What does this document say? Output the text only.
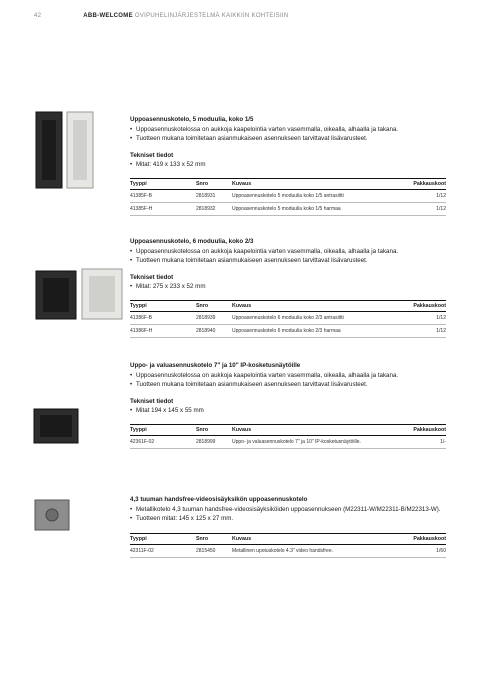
42	ABB-WELCOME OVIPUHELINJÄRJESTELMÄ KAIKKIIN KOHTEISIIN

Uppoasennuskotelo, 5 moduulia, koko 1/5

• Uppoasennuskotelossa on aukkoja kaapelointia varten vasemmalla, oikealla, alhaalla ja takana.
• Tuotteen mukana toimitetaan asianmukaiseen asennukseen tarvittavat lisävarusteet.

Tekniset tiedot

• Mitat: 419 x 133 x 52 mm
Tyyppi	Snro	Kuvaus	Pakkauskoot
41385F-B	2818931	Uppoasennuskotelo 5 moduulia koko 1/5 antrasiitti	1/12
41385F-H	2818932	Uppoasennuskotelo 5 moduulia koko 1/5 harmaa	1/12

Uppoasennuskotelo, 6 moduulia, koko 2/3

• Uppoasennuskotelossa on aukkoja kaapelointia varten vasemmalla, oikealla, alhaalla ja takana.
• Tuotteen mukana toimitetaan asianmukaiseen asennukseen tarvittavat lisävarusteet.

Tekniset tiedot

• Mitat: 275 x 233 x 52 mm
Tyyppi	Snro	Kuvaus	Pakkauskoot
41386F-B	2818939	Uppoasennuskotelo 6 moduulia koko 2/3 antrasiitti	1/12
41386F-H	2818940	Uppoasennuskotelo 6 moduulia koko 2/3 harmaa	1/12

Uppo- ja valuasennuskotelo 7" ja 10" IP-kosketusnäytöille

• Uppoasennuskotelossa on aukkoja kaapelointia varten vasemmalla, oikealla, alhaalla ja takana.
• Tuotteen mukana toimitetaan asianmukaiseen asennukseen tarvittavat lisävarusteet.

Tekniset tiedot

• Mitat 194 x 145 x 55 mm
Tyyppi	Snro	Kuvaus	Pakkauskoot
42361F-02	2818999	Uppo- ja valuasennuskotelo 7" ja 10" IP-kosketusnäytöille.	1/-

4,3 tuuman handsfree-videosisäyksikön uppoasennuskotelo

• Metallikotelo 4,3 tuuman handsfree-videosisäyksiköiden uppoasennukseen (M22311-W/M22311-B/M22313-W).
• Tuotteen mitat: 145 x 125 x 27 mm.
Tyyppi	Snro	Kuvaus	Pakkauskoot
42311F-02	2815450	Metallinen upotuskotelo 4.3" video handsfree.	1/60
